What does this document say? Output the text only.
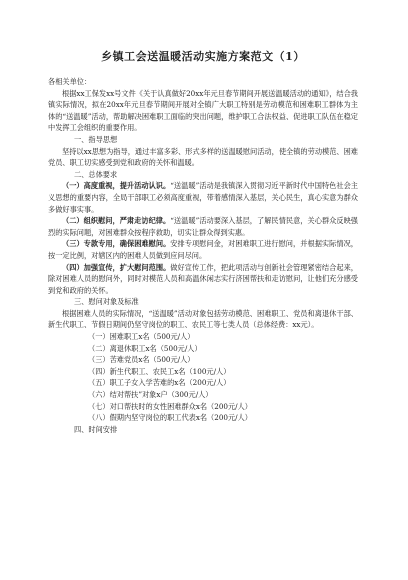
乡镇工会送温暖活动实施方案范文（1）

各相关单位：

根据xx工保发xx号文件《关于认真做好20xx年元旦春节期间开展送温暖活动的通知》，结合我镇实际情况，拟在20xx年元旦春节期间开展对全镇广大职工特别是劳动模范和困难职工群体为主体的“送温暖”活动，帮助解决困难职工面临的突出问题，维护职工合法权益、促进职工队伍在稳定中发挥工会组织的重要作用。

一、指导思想

坚持以xx思想为指导，通过丰富多彩、形式多样的送温暖慰问活动，使全镇的劳动模范、困难党员、职工切实感受到党和政府的关怀和温暖。

二、总体要求

（一）高度重视，提升活动认识。“送温暖”活动是我镇深入贯彻习近平新时代中国特色社会主义思想的重要内容，全局干部职工必须高度重视，带着感情深入基层，关心民生，真心实意为群众多做好事实事。

（二）组织慰问，严肃走访纪律。“送温暖”活动要深入基层，了解民情民意，关心群众反映强烈的实际问题，对困难群众按程序救助，切实让群众得到实惠。

（三）专款专用，确保困难慰问。安排专项慰问金，对困难职工进行慰问，并根据实际情况，按一定比例，对辖区内的困难人员做到应问尽问。

（四）加强宣传，扩大慰问范围。做好宣传工作，把此项活动与创新社会管理紧密结合起来，除对困难人员的慰问外，同时对模范人员和高温休闲志实行济困帮扶和走访慰问，让他们充分感受到党和政府的关怀。

三、慰问对象及标准

根据困难人员的实际情况，“送温暖”活动对象包括劳动模范、困难职工、党员和离退休干部、新生代职工、节假日期间仍坚守岗位的职工、农民工等七类人员（总体经费：xx元）。

（一）困难职工x名（500元/人）

（二）离退休职工x名（500元/人）

（三）苦难党员x名（500元/人）

（四）新生代职工、农民工x名（100元/人）

（五）职工子女入学苦难的x名（200元/人）

（六）结对帮扶”对象x户（300元/人）

（七）对口帮扶时的女性困难群众x名（200元/人）

（八）假期内坚守岗位的职工代表x名（200元/人）

四、时间安排
